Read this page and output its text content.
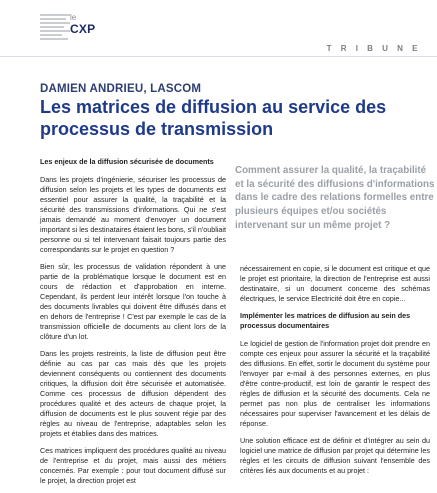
le
CXP
T R I B U N E
DAMIEN ANDRIEU, LASCOM
Les matrices de diffusion au service des processus de transmission

Les enjeux de la diffusion sécurisée de documents

Dans les projets d'ingénierie, sécuriser les processus de diffusion selon les projets et les types de documents est essentiel pour assurer la qualité, la traçabilité et la sécurité des transmissions d'informations. Qui ne s'est jamais demandé au moment d'envoyer un document important si les destinataires étaient les bons, s'il n'oubliait personne ou si tel intervenant faisait toujours partie des correspondants sur le projet en question ?

Bien sûr, les processus de validation répondent à une partie de la problématique lorsque le document est en cours de rédaction et d'approbation en interne. Cependant, ils perdent leur intérêt lorsque l'on touche à des documents livrables qui doivent être diffusés dans et en dehors de l'entreprise ! C'est par exemple le cas de la transmission officielle de documents au client lors de la clôture d'un lot.

Dans les projets restreints, la liste de diffusion peut être définie au cas par cas mais dès que les projets deviennent conséquents ou contiennent des documents critiques, la diffusion doit être sécurisée et automatisée. Comme ces processus de diffusion dépendent des procédures qualité et des acteurs de chaque projet, la diffusion de documents est le plus souvent régie par des règles au niveau de l'entreprise, adaptables selon les projets et établies dans des matrices.

Ces matrices impliquent des procédures qualité au niveau de l'entreprise et du projet, mais aussi des métiers concernés. Par exemple : pour tout document diffusé sur le projet, la direction projet est

Comment assurer la qualité, la traçabilité et la sécurité des diffusions d'informations dans le cadre des relations formelles entre plusieurs équipes et/ou sociétés intervenant sur un même projet ?

nécessairement en copie, si le document est critique et que le projet est prioritaire, la direction de l'entreprise est aussi destinataire, si un document concerne des schémas électriques, le service Electricité doit être en copie...

Implémenter les matrices de diffusion au sein des processus documentaires

Le logiciel de gestion de l'information projet doit prendre en compte ces enjeux pour assurer la sécurité et la traçabilité des diffusions. En effet, sortir le document du système pour l'envoyer par e-mail à des personnes externes, en plus d'être contre-productif, est loin de garantir le respect des règles de diffusion et la sécurité des documents. Cela ne permet pas non plus de centraliser les informations nécessaires pour superviser l'avancement et les délais de réponse.

Une solution efficace est de définir et d'intégrer au sein du logiciel une matrice de diffusion par projet qui détermine les règles et les circuits de diffusion suivant l'ensemble des critères liés aux documents et au projet :
